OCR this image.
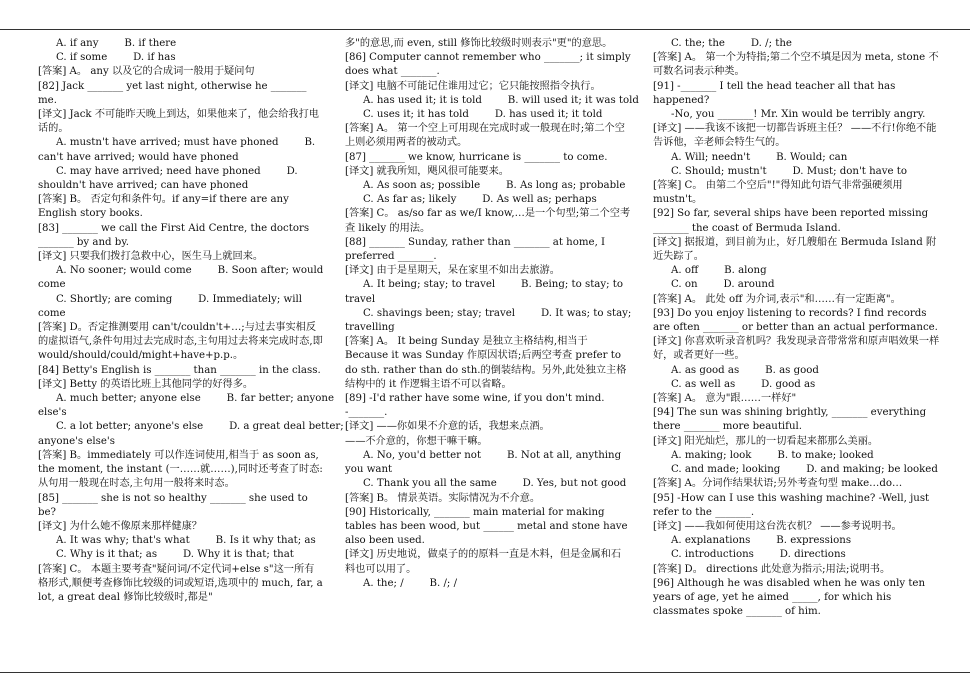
A. if any        B. if there
C. if some        D. if has
[答案] A。 any 以及它的合成词一般用于疑问句
[82] Jack _______ yet last night, otherwise he _______ me.
[译文] Jack 不可能昨天晚上到达，如果他来了，他会给我打电话的。
A. mustn't have arrived; must have phoned        B.
can't have arrived; would have phoned
C. may have arrived; need have phoned        D.
shouldn't have arrived; can have phoned
[答案] B。 否定句和条件句。if any=if there are any English story books.
[83] _______ we call the First Aid Centre, the doctors _______ by and by.
[译文] 只要我们拨打急救中心，医生马上就回来。
A. No sooner; would come        B. Soon after; would
come
C. Shortly; are coming        D. Immediately; will
come
[答案] D。否定推测要用 can't/couldn't+…;与过去事实相反的虚拟语气,条件句用过去完成时态,主句用过去将来完成时态,即 would/should/could/might+have+p.p.。
[84] Betty's English is _______ than _______ in the class.
[译文] Betty 的英语比班上其他同学的好得多。
A. much better; anyone else        B. far better; anyone
else's
C. a lot better; anyone's else        D. a great deal better;
anyone's else's
[答案] B。immediately 可以作连词使用,相当于 as soon as, the moment, the instant (一……就……),同时还考查了时态:从句用一般现在时态,主句用一般将来时态。
[85] _______ she is not so healthy _______ she used to be?
[译文] 为什么她不像原来那样健康？
A. It was why; that's what        B. Is it why that; as
C. Why is it that; as        D. Why it is that; that
[答案] C。 本题主要考查"疑问词/不定代词+else s"这一所有格形式,顺便考查修饰比较级的词或短语,选项中的 much, far, a lot, a great deal 修饰比较级时,都是"
多"的意思,而 even, still 修饰比较级时则表示"更"的意思。
[86] Computer cannot remember who _______; it simply does what _______.
[译文] 电脑不可能记住谁用过它；它只能按照指令执行。
A. has used it; it is told        B. will used it; it was told
C. uses it; it has told        D. has used it; it told
[答案] A。 第一个空上可用现在完成时或一般现在时;第二个空上则必须用两者的被动式。
[87] _______ we know, hurricane is _______ to come.
[译文] 就我所知，飓风很可能要来。
A. As soon as; possible        B. As long as; probable
C. As far as; likely        D. As well as; perhaps
[答案] C。 as/so far as we/I know,…是一个句型;第二个空考查 likely 的用法。
[88] _______ Sunday, rather than _______ at home, I preferred _______.
[译文] 由于是星期天，呆在家里不如出去旅游。
A. It being; stay; to travel        B. Being; to stay; to
travel
C. shavings been; stay; travel        D. It was; to stay;
travelling
[答案] A。 It being Sunday 是独立主格结构,相当于 Because it was Sunday 作原因状语;后两空考查 prefer to do sth. rather than do sth.的倒装结构。另外,此处独立主格结构中的 it 作逻辑主语不可以省略。
[89] -I'd rather have some wine, if you don't mind.
-_______.
[译文] ——你如果不介意的话，我想来点酒。
——不介意的，你想干嘛干嘛。
A. No, you'd better not        B. Not at all, anything
you want
C. Thank you all the same        D. Yes, but not good
[答案] B。 情景英语。实际情况为不介意。
[90] Historically, _______ main material for making tables has been wood, but ______ metal and stone have also been used.
[译文] 历史地说，做桌子的的原料一直是木料，但是金属和石料也可以用了。
A. the; /        B. /; /
C. the; the        D. /; the
[答案] A。 第一个为特指;第二个空不填是因为 meta, stone 不可数名词表示种类。
[91] -_______ I tell the head teacher all that has happened?
-No, you _______! Mr. Xin would be terribly angry.
[译文] ——我该不该把一切都告诉班主任？ ——不行!你绝不能告诉他，辛老师会特生气的。
A. Will; needn't        B. Would; can
C. Should; mustn't        D. Must; don't have to
[答案] C。 由第二个空后"!"得知此句语气非常强硬须用 mustn't。
[92] So far, several ships have been reported missing _______ the coast of Bermuda Island.
[译文] 据报道，到目前为止，好几艘船在 Bermuda Island 附近失踪了。
A. off        B. along
C. on        D. around
[答案] A。 此处 off 为介词,表示"和……有一定距离"。
[93] Do you enjoy listening to records? I find records are often _______ or better than an actual performance.
[译文] 你喜欢听录音机吗？我发现录音带常常和原声唱效果一样好，或者更好一些。
A. as good as        B. as good
C. as well as        D. good as
[答案] A。 意为"跟……一样好"
[94] The sun was shining brightly, _______ everything there _______ more beautiful.
[译文] 阳光灿烂，那儿的一切看起来都那么美丽。
A. making; look        B. to make; looked
C. and made; looking        D. and making; be looked
[答案] A。分词作结果状语;另外考查句型 make…do…
[95] -How can I use this washing machine? -Well, just refer to the _______.
[译文] ——我如何使用这台洗衣机？ ——参考说明书。
A. explanations        B. expressions
C. introductions        D. directions
[答案] D。 directions 此处意为指示;用法;说明书。
[96] Although he was disabled when he was only ten years of age, yet he aimed _____, for which his classmates spoke _______ of him.
